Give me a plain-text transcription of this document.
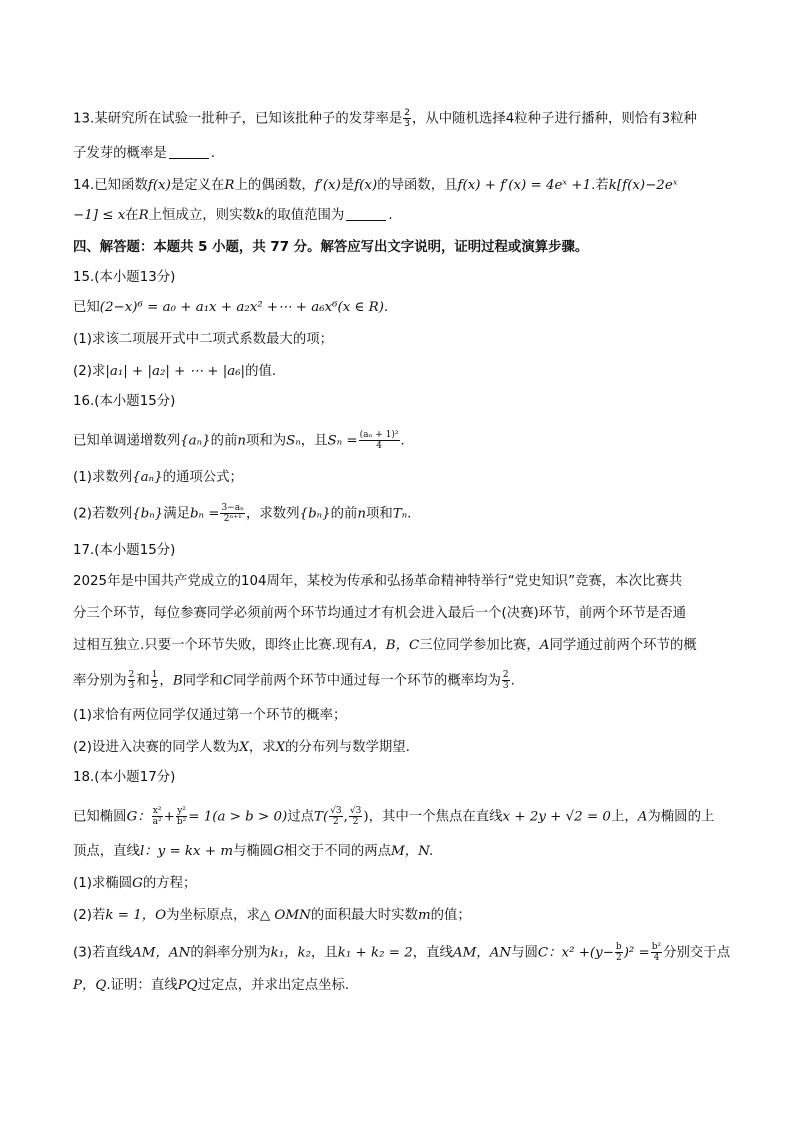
13.某研究所在试验一批种子，已知该批种子的发芽率是 $\frac{2}{3}$ ，从中随机选择4粒种子进行播种，则恰有3粒种
子发芽的概率是	.
14.已知函数f(x)是定义在R上的偶函数，f′(x)是f(x)的导函数，且f(x) + f′(x) = 4eˣ +1.若k[f(x)−2eˣ
−1] ≤ x在R上恒成立，则实数k的取值范围为	.
四、解答题：本题共 5 小题，共 77 分。解答应写出文字说明，证明过程或演算步骤。
15.(本小题13分)
已知(2−x)⁶ = a₀ + a₁x + a₂x² +⋯ + a₆x⁶(x ∈ R).
(1)求该二项展开式中二项式系数最大的项；
(2)求|a₁| + |a₂| + ⋯ + |a₆|的值.
16.(本小题15分)
已知单调递增数列{aₙ}的前n项和为Sₙ，且$S_n = \frac{\text{(aₙ + 1)²}}{4}$ .
(1)求数列{aₙ}的通项公式；
(2)若数列{bₙ}满足$b_n = \frac{\text{3−aₙ}}{\text{2ⁿ⁺¹}}$ ，求数列{bₙ}的前n项和Tₙ.
17.(本小题15分)
2025年是中国共产党成立的104周年，某校为传承和弘扬革命精神特举行“党史知识”竞赛，本次比赛共
分三个环节，每位参赛同学必须前两个环节均通过才有机会进入最后一个(决赛)环节，前两个环节是否通
过相互独立.只要一个环节失败，即终止比赛.现有A，B，C三位同学参加比赛，A同学通过前两个环节的概
率分别为 $\frac{2}{3}$ 和 $\frac{1}{2}$ ，B同学和C同学前两个环节中通过每一个环节的概率均为 $\frac{2}{3}$ .
(1)求恰有两位同学仅通过第一个环节的概率；
(2)设进入决赛的同学人数为X，求X的分布列与数学期望.
18.(本小题17分)
已知椭圆G： $\frac{\text{x²}}{\text{a²}} + \frac{\text{y²}}{\text{b²}} = 1(a > b > 0)$过点$T( \frac{√3}{2}$ , $\frac{√3}{2}$ )，其中一个焦点在直线x + 2y + √2 = 0上，A为椭圆的上
顶点，直线l：y = kx + m与椭圆G相交于不同的两点M，N.
(1)求椭圆G的方程；
(2)若k = 1，O为坐标原点，求△ OMN的面积最大时实数m的值；
(3)若直线AM，AN的斜率分别为k₁，k₂，且k₁ + k₂ = 2，直线AM，AN与圆C：$x^2 +(y- \frac{b}{2} )^2 = \frac{\text{b²}}{4}$ 分别交于点
P，Q.证明：直线PQ过定点，并求出定点坐标.
